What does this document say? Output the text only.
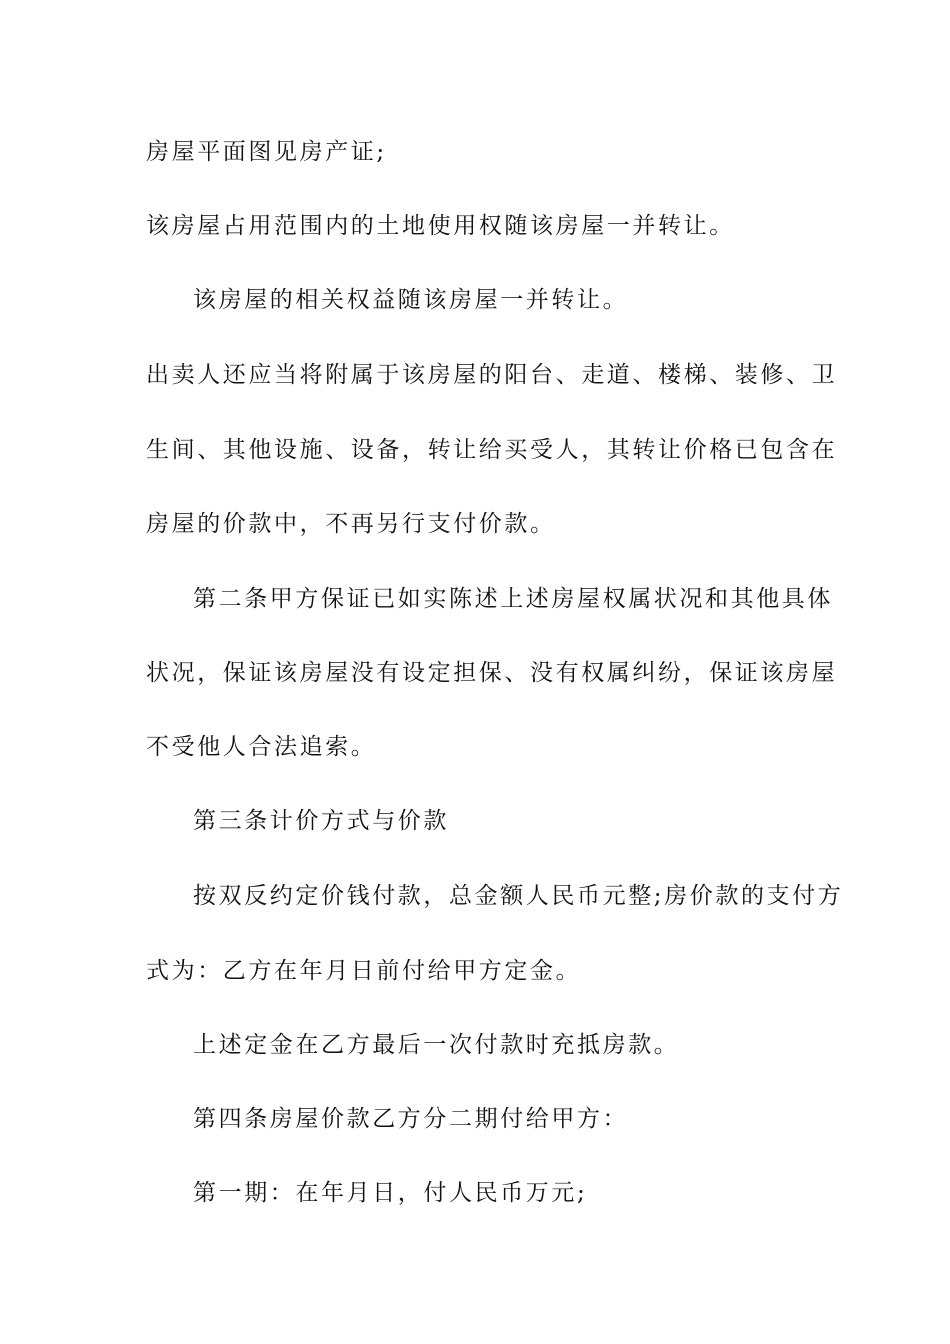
房屋平面图见房产证;
该房屋占用范围内的土地使用权随该房屋一并转让。
该房屋的相关权益随该房屋一并转让。
出卖人还应当将附属于该房屋的阳台、走道、楼梯、装修、卫
生间、其他设施、设备，转让给买受人，其转让价格已包含在
房屋的价款中，不再另行支付价款。
第二条甲方保证已如实陈述上述房屋权属状况和其他具体
状况，保证该房屋没有设定担保、没有权属纠纷，保证该房屋
不受他人合法追索。
第三条计价方式与价款
按双反约定价钱付款，总金额人民币元整;房价款的支付方
式为：乙方在年月日前付给甲方定金。
上述定金在乙方最后一次付款时充抵房款。
第四条房屋价款乙方分二期付给甲方：
第一期：在年月日，付人民币万元;
